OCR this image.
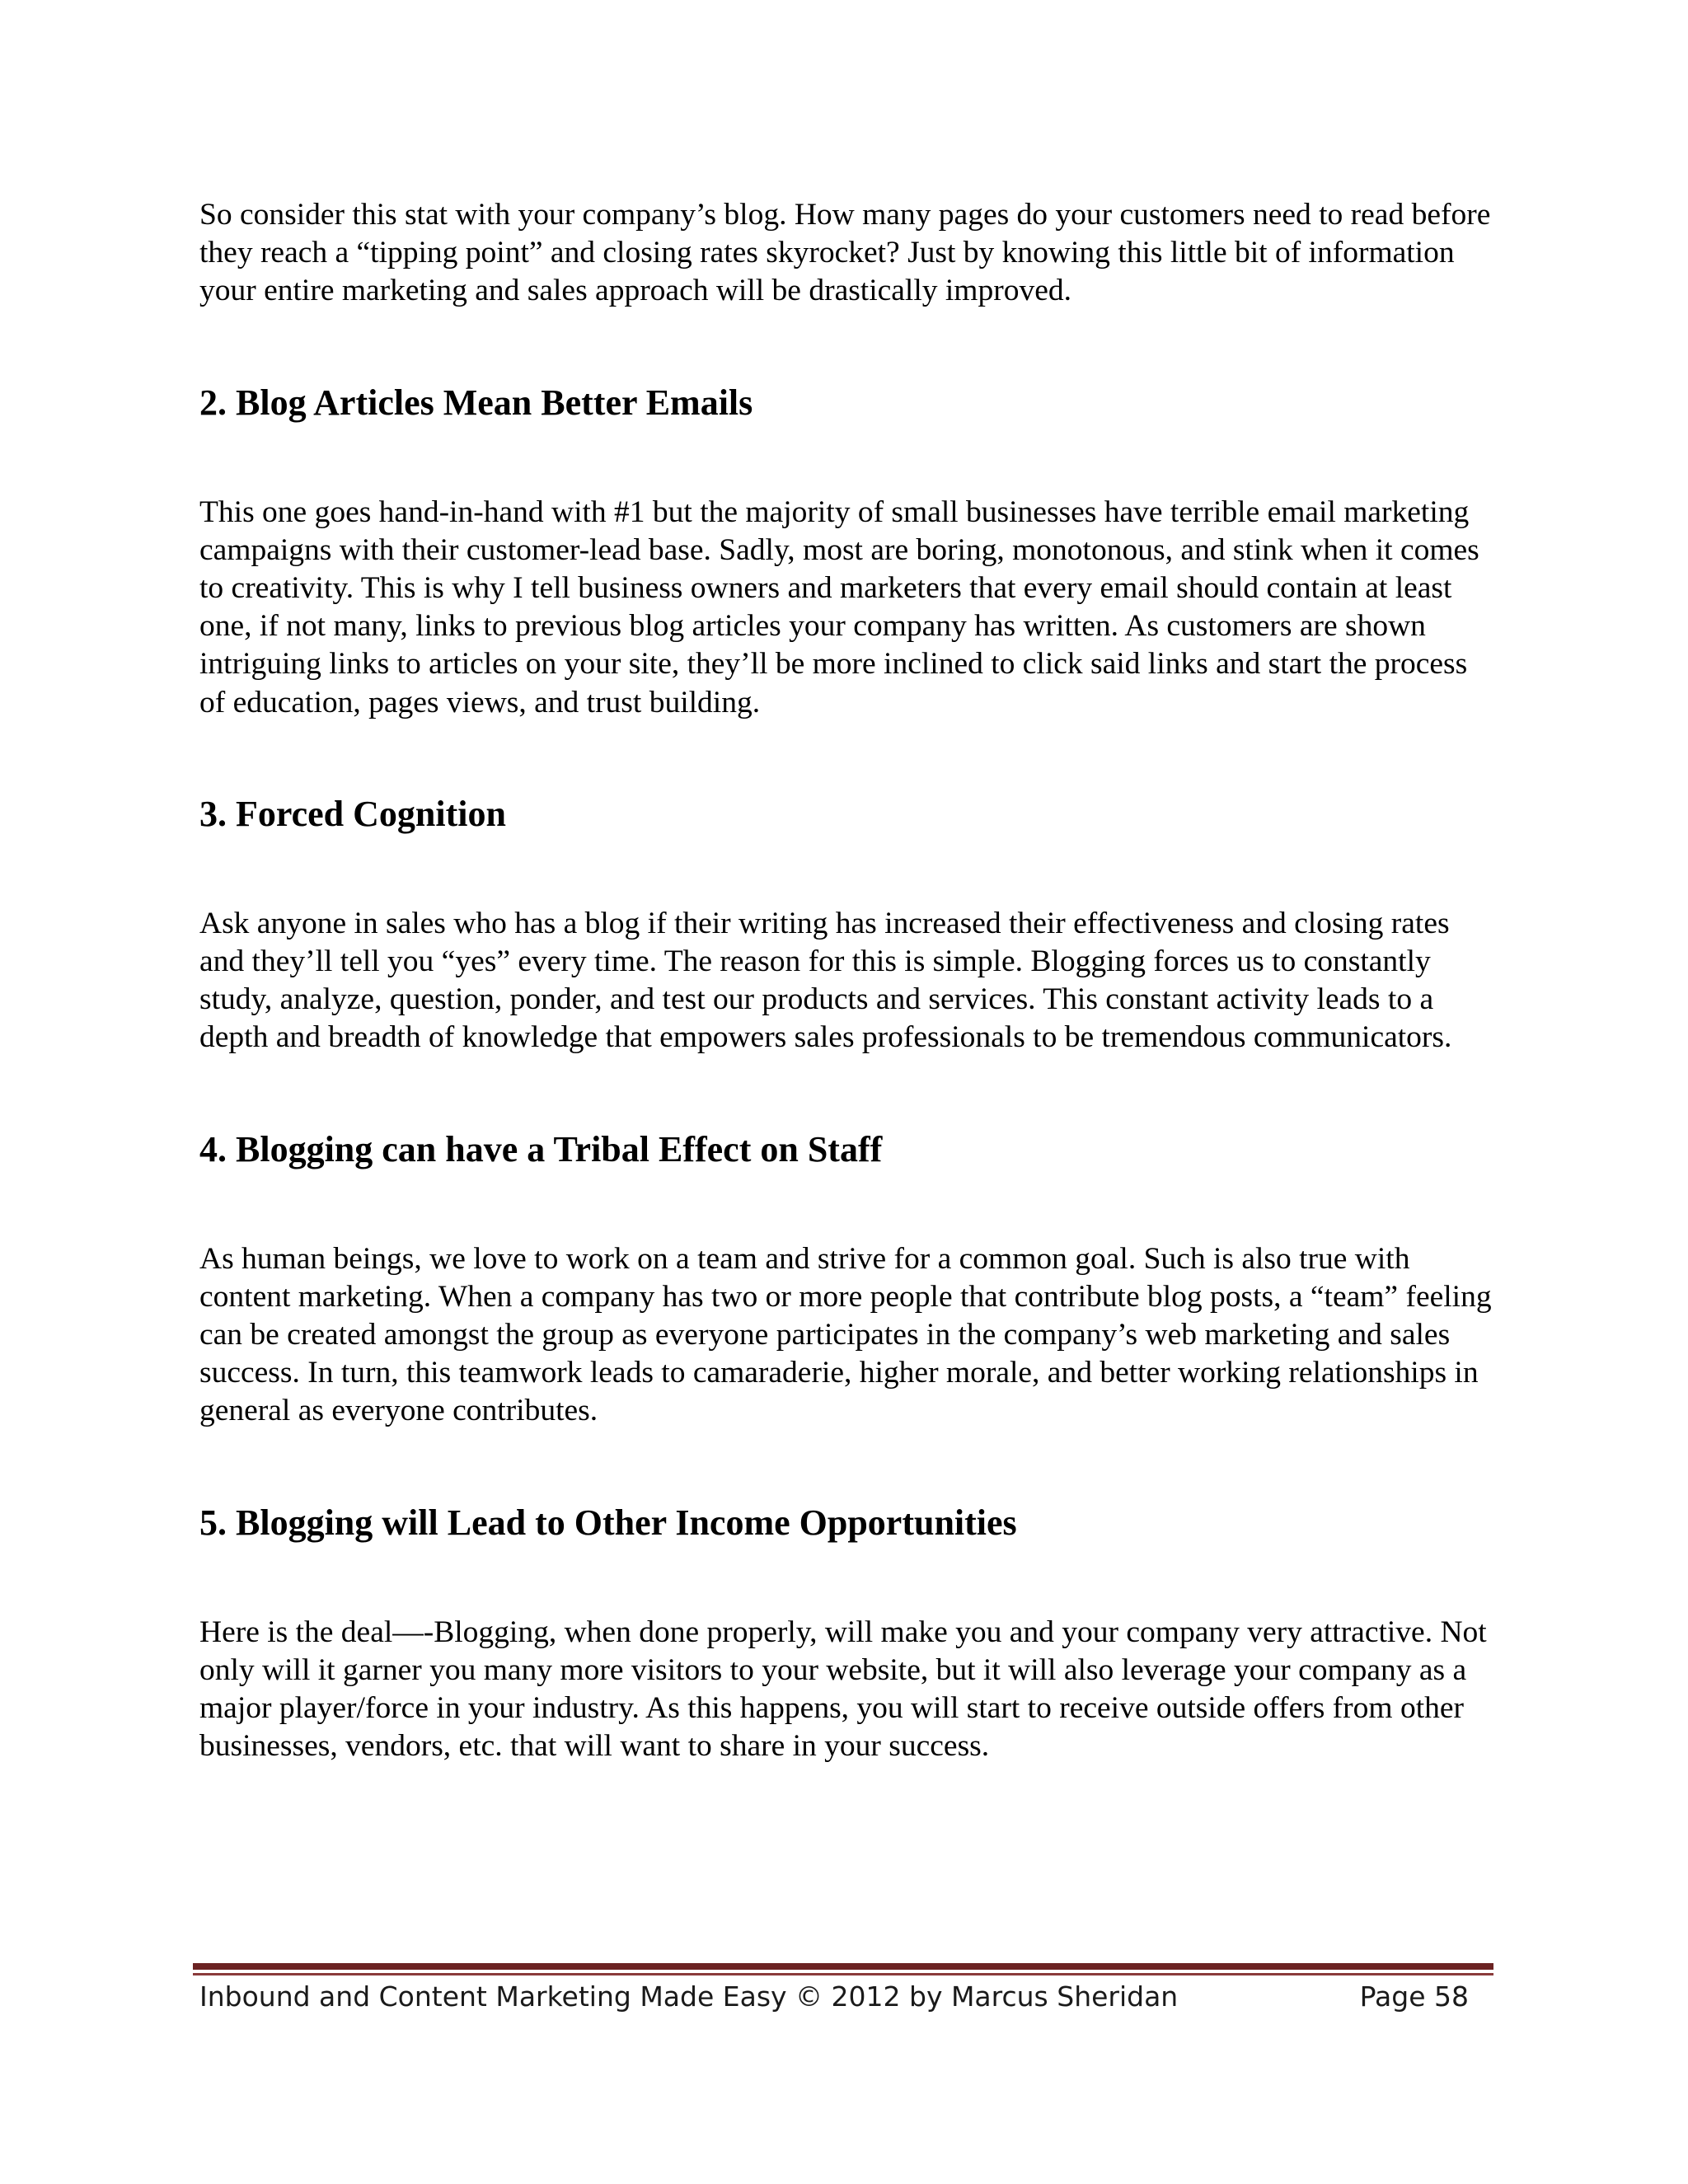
So consider this stat with your company’s blog. How many pages do your customers need to read before they reach a “tipping point” and closing rates skyrocket? Just by knowing this little bit of information your entire marketing and sales approach will be drastically improved.

2. Blog Articles Mean Better Emails

This one goes hand-in-hand with #1 but the majority of small businesses have terrible email marketing campaigns with their customer-lead base. Sadly, most are boring, monotonous, and stink when it comes to creativity. This is why I tell business owners and marketers that every email should contain at least one, if not many, links to previous blog articles your company has written. As customers are shown intriguing links to articles on your site, they’ll be more inclined to click said links and start the process of education, pages views, and trust building.

3. Forced Cognition

Ask anyone in sales who has a blog if their writing has increased their effectiveness and closing rates and they’ll tell you “yes” every time. The reason for this is simple. Blogging forces us to constantly study, analyze, question, ponder, and test our products and services. This constant activity leads to a depth and breadth of knowledge that empowers sales professionals to be tremendous communicators.

4. Blogging can have a Tribal Effect on Staff

As human beings, we love to work on a team and strive for a common goal. Such is also true with content marketing. When a company has two or more people that contribute blog posts, a “team” feeling can be created amongst the group as everyone participates in the company’s web marketing and sales success. In turn, this teamwork leads to camaraderie, higher morale, and better working relationships in general as everyone contributes.

5. Blogging will Lead to Other Income Opportunities

Here is the deal—-Blogging, when done properly, will make you and your company very attractive. Not only will it garner you many more visitors to your website, but it will also leverage your company as a major player/force in your industry. As this happens, you will start to receive outside offers from other businesses, vendors, etc. that will want to share in your success.

Inbound and Content Marketing Made Easy © 2012 by Marcus Sheridan	Page 58
